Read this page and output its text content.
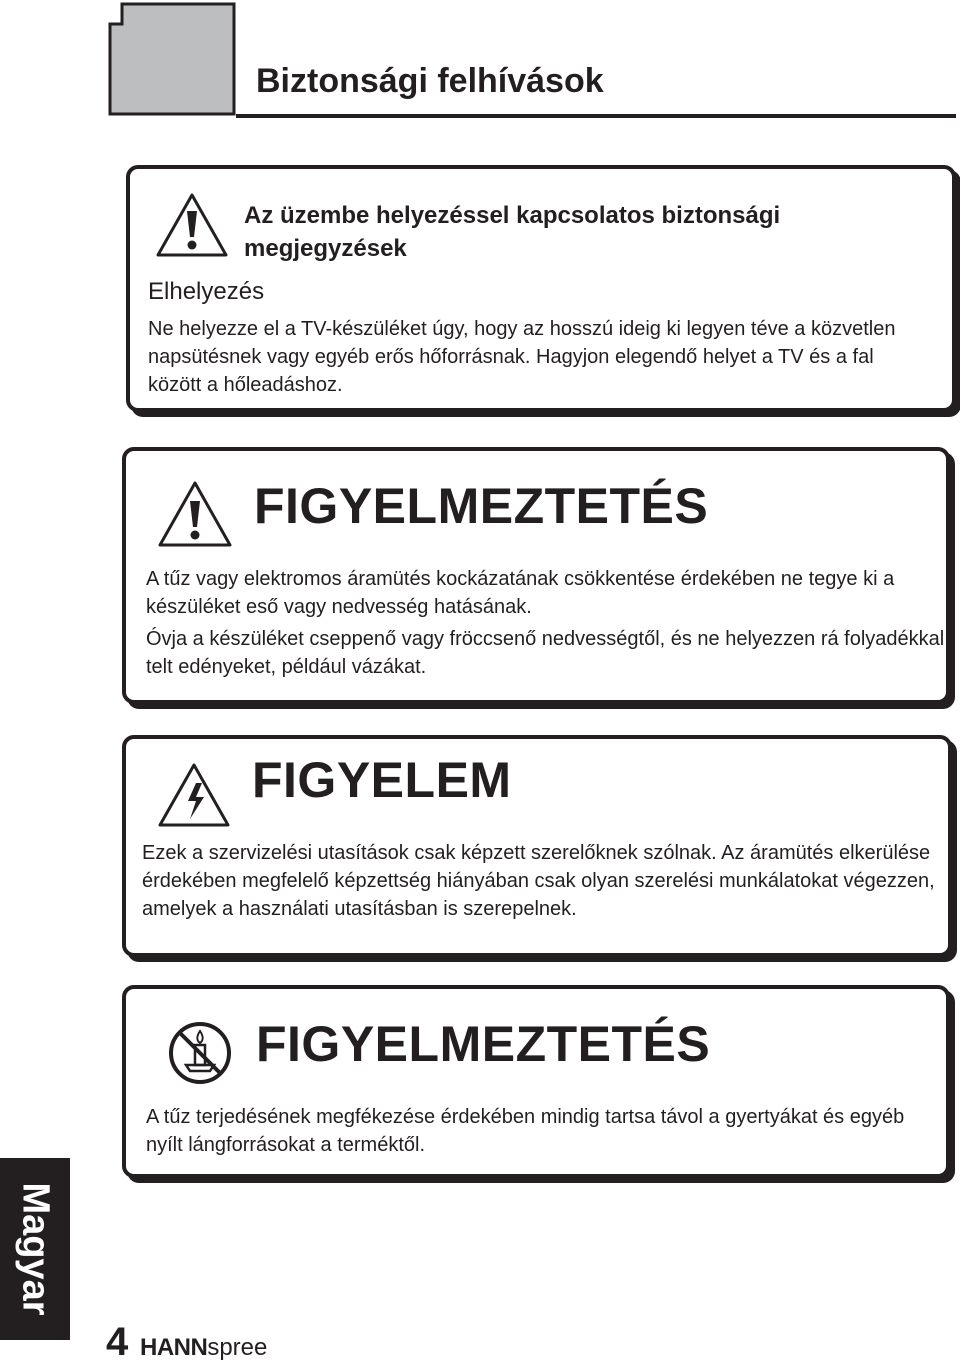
Biztonsági felhívások
Az üzembe helyezéssel kapcsolatos biztonsági megjegyzések
Elhelyezés

Ne helyezze el a TV-készüléket úgy, hogy az hosszú ideig ki legyen téve a közvetlen napsütésnek vagy egyéb erős hőforrásnak. Hagyjon elegendő helyet a TV és a fal között a hőleadáshoz.

FIGYELMEZTETÉS

A tűz vagy elektromos áramütés kockázatának csökkentése érdekében ne tegye ki a készüléket eső vagy nedvesség hatásának.

Óvja a készüléket cseppenő vagy fröccsenő nedvességtől, és ne helyezzen rá folyadékkal telt edényeket, például vázákat.

FIGYELEM

Ezek a szervizelési utasítások csak képzett szerelőknek szólnak. Az áramütés elkerülése érdekében megfelelő képzettség hiányában csak olyan szerelési munkálatokat végezzen, amelyek a használati utasításban is szerepelnek.

FIGYELMEZTETÉS

A tűz terjedésének megfékezése érdekében mindig tartsa távol a gyertyákat és egyéb nyílt lángforrásokat a terméktől.

Magyar

4 HANNspree
